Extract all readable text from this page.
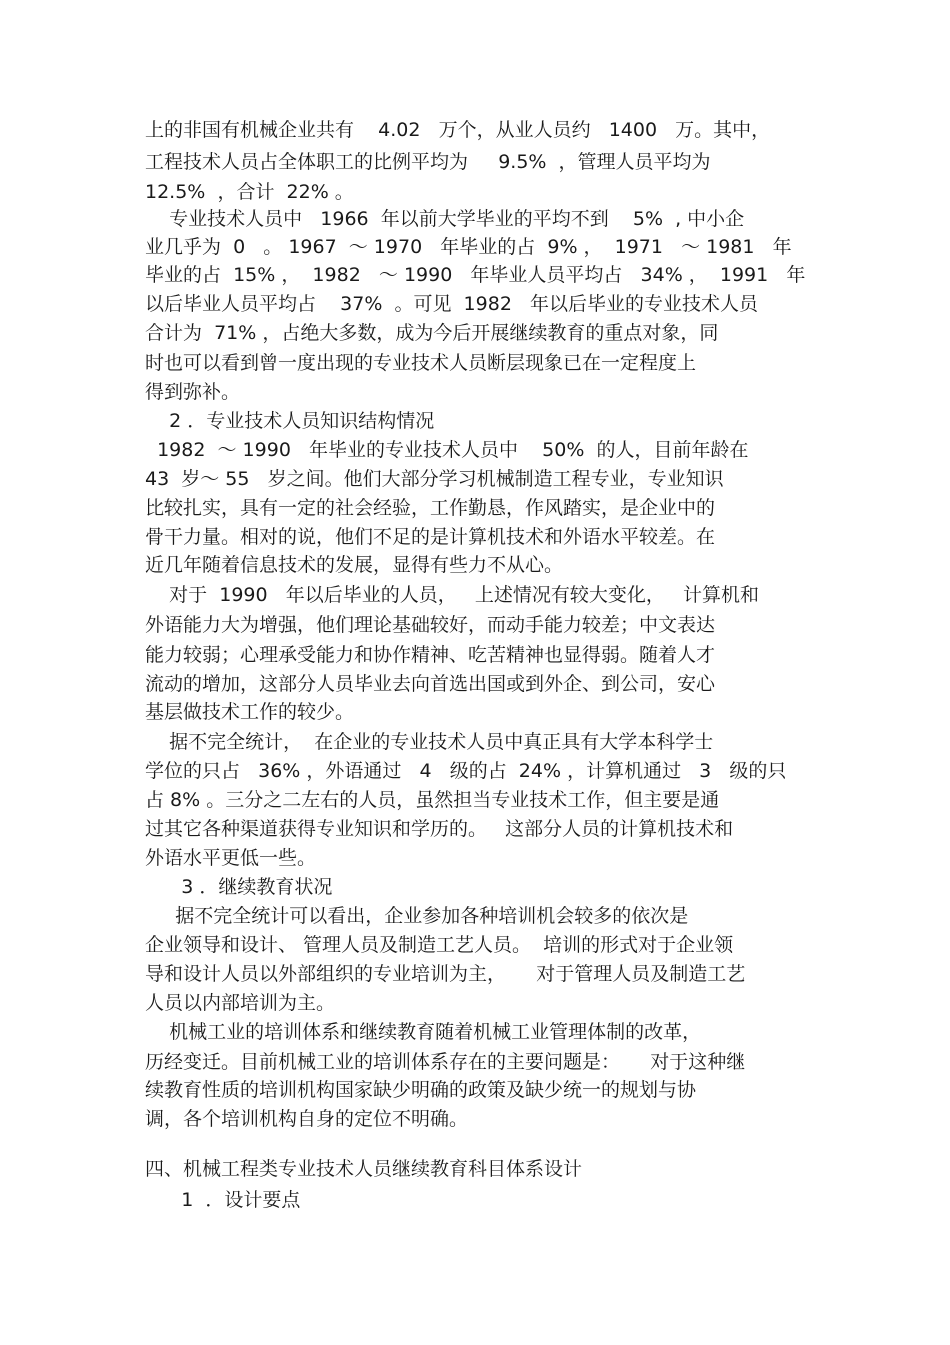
上的非国有机械企业共有    4.02   万个，从业人员约   1400   万。其中，
工程技术人员占全体职工的比例平均为     9.5%  ，管理人员平均为
12.5%  ，合计  22% 。
专业技术人员中   1966  年以前大学毕业的平均不到    5%  , 中小企
业几乎为  0   。 1967  ～ 1970   年毕业的占  9% ，  1971   ～ 1981   年
毕业的占  15% ，  1982   ～ 1990   年毕业人员平均占   34% ，  1991   年
以后毕业人员平均占    37%  。可见  1982   年以后毕业的专业技术人员
合计为  71% ，占绝大多数，成为今后开展继续教育的重点对象，同
时也可以看到曾一度出现的专业技术人员断层现象已在一定程度上
得到弥补。
2 ．专业技术人员知识结构情况
1982  ～ 1990   年毕业的专业技术人员中    50%  的人，目前年龄在
43  岁～ 55   岁之间。他们大部分学习机械制造工程专业，专业知识
比较扎实，具有一定的社会经验，工作勤恳，作风踏实，是企业中的
骨干力量。相对的说，他们不足的是计算机技术和外语水平较差。在
近几年随着信息技术的发展，显得有些力不从心。
对于  1990   年以后毕业的人员，   上述情况有较大变化，   计算机和
外语能力大为增强，他们理论基础较好，而动手能力较差；中文表达
能力较弱；心理承受能力和协作精神、吃苦精神也显得弱。随着人才
流动的增加，这部分人员毕业去向首选出国或到外企、到公司，安心
基层做技术工作的较少。
据不完全统计，  在企业的专业技术人员中真正具有大学本科学士
学位的只占   36% ，外语通过   4   级的占  24% ，计算机通过   3   级的只
占 8% 。三分之二左右的人员，虽然担当专业技术工作，但主要是通
过其它各种渠道获得专业知识和学历的。   这部分人员的计算机技术和
外语水平更低一些。
3 ．继续教育状况
据不完全统计可以看出，企业参加各种培训机会较多的依次是
企业领导和设计、 管理人员及制造工艺人员。  培训的形式对于企业领
导和设计人员以外部组织的专业培训为主，     对于管理人员及制造工艺
人员以内部培训为主。
机械工业的培训体系和继续教育随着机械工业管理体制的改革，
历经变迁。目前机械工业的培训体系存在的主要问题是：     对于这种继
续教育性质的培训机构国家缺少明确的政策及缺少统一的规划与协
调，各个培训机构自身的定位不明确。
四、机械工程类专业技术人员继续教育科目体系设计
1  ．设计要点
